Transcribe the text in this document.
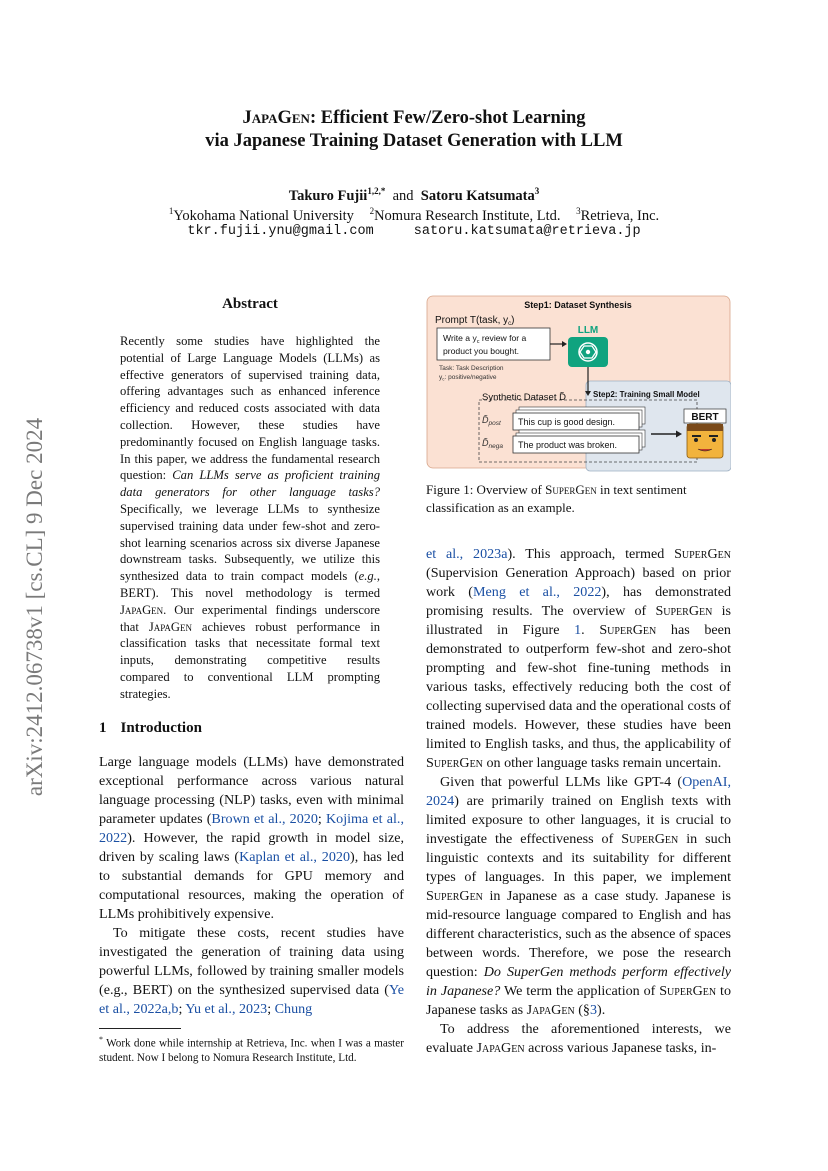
JapaGen: Efficient Few/Zero-shot Learning
via Japanese Training Dataset Generation with LLM
Takuro Fujii$^{1,2,*}$ and Satoru Katsumata$^3$
$^1$Yokohama National University $^2$Nomura Research Institute, Ltd. $^3$Retrieva, Inc.
tkr.fujii.ynu@gmail.com	satoru.katsumata@retrieva.jp
arXiv:2412.06738v1 [cs.CL] 9 Dec 2024
Abstract
Recently some studies have highlighted the potential of Large Language Models (LLMs) as effective generators of supervised training data, offering advantages such as enhanced inference efficiency and reduced costs associated with data collection. However, these studies have predominantly focused on English language tasks. In this paper, we address the fundamental research question: Can LLMs serve as proficient training data generators for other language tasks? Specifically, we leverage LLMs to synthesize supervised training data under few-shot and zero-shot learning scenarios across six diverse Japanese downstream tasks. Subsequently, we utilize this synthesized data to train compact models (e.g., BERT). This novel methodology is termed JapaGen. Our experimental findings underscore that JapaGen achieves robust performance in classification tasks that necessitate formal text inputs, demonstrating competitive results compared to conventional LLM prompting strategies.
1 Introduction

Large language models (LLMs) have demonstrated exceptional performance across various natural language processing (NLP) tasks, even with minimal parameter updates (Brown et al., 2020; Kojima et al., 2022). However, the rapid growth in model size, driven by scaling laws (Kaplan et al., 2020), has led to substantial demands for GPU memory and computational resources, making the operation of LLMs prohibitively expensive.

To mitigate these costs, recent studies have investigated the generation of training data using powerful LLMs, followed by training smaller models (e.g., BERT) on the synthesized supervised data (Ye et al., 2022a,b; Yu et al., 2023; Chung

* Work done while internship at Retrieva, Inc. when I was a master student. Now I belong to Nomura Research Institute, Ltd.
Step1: Dataset Synthesis
Prompt T(task, $y_c$)
Write a $y_c$ review for a
product you bought.
Task: Task Description
$y_c$: positive/negative
LLM
Synthetic Dataset D̃	Step2: Training Small Model
$D̃_{post}$ This cup is good design.
$D̃_{nega}$ The product was broken.
BERT
Figure 1: Overview of SuperGen in text sentiment classification as an example.

et al., 2023a). This approach, termed SuperGen (Supervision Generation Approach) based on prior work (Meng et al., 2022), has demonstrated promising results. The overview of SuperGen is illustrated in Figure 1. SuperGen has been demonstrated to outperform few-shot and zero-shot prompting and few-shot fine-tuning methods in various tasks, effectively reducing both the cost of collecting supervised data and the operational costs of trained models. However, these studies have been limited to English tasks, and thus, the applicability of SuperGen on other language tasks remain uncertain.

Given that powerful LLMs like GPT-4 (OpenAI, 2024) are primarily trained on English texts with limited exposure to other languages, it is crucial to investigate the effectiveness of SuperGen in such linguistic contexts and its suitability for different types of languages. In this paper, we implement SuperGen in Japanese as a case study. Japanese is mid-resource language compared to English and has different characteristics, such as the absence of spaces between words. Therefore, we pose the research question: Do SuperGen methods perform effectively in Japanese? We term the application of SuperGen to Japanese tasks as JapaGen (§3).

To address the aforementioned interests, we evaluate JapaGen across various Japanese tasks, in-
